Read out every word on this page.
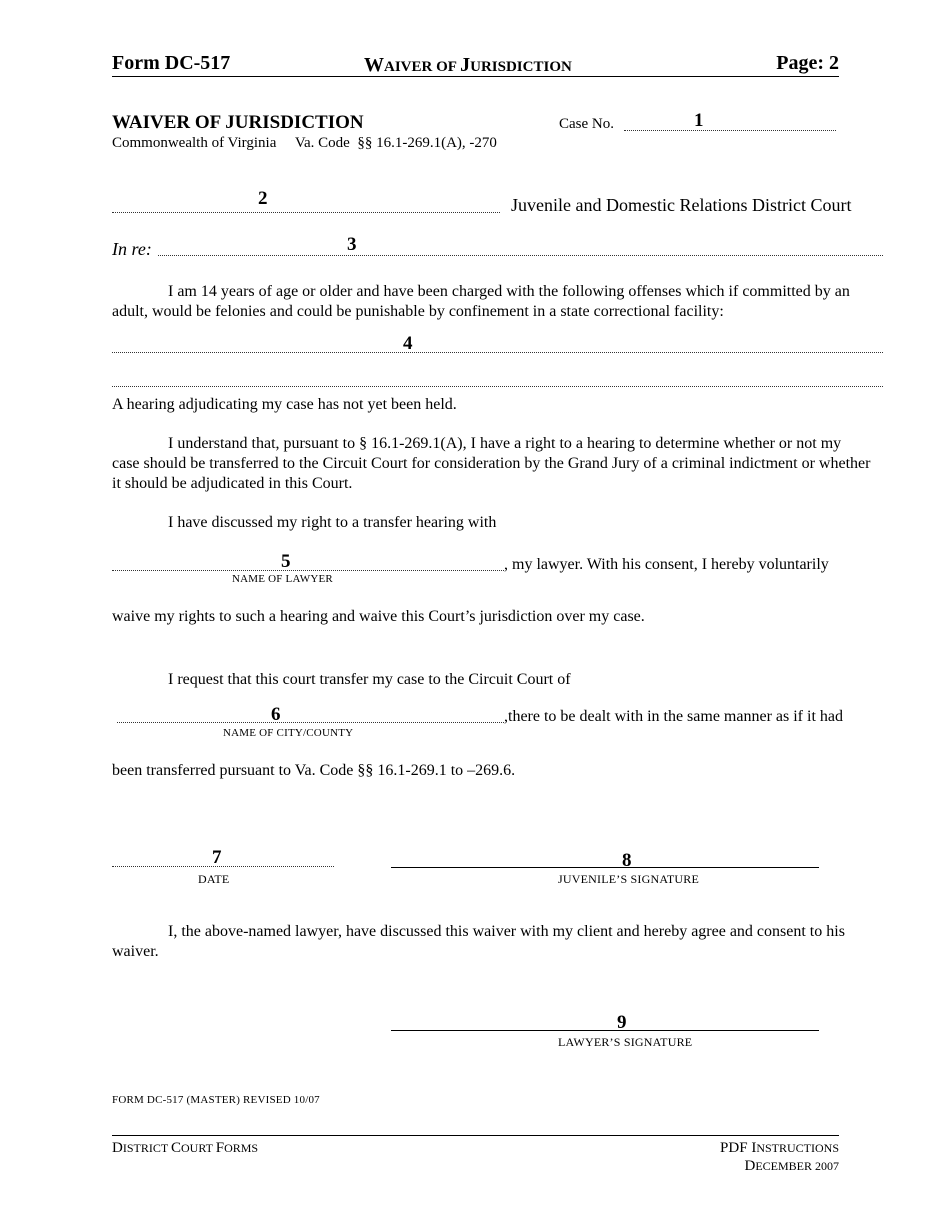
Form DC-517	WAIVER OF JURISDICTION	Page: 2
WAIVER OF JURISDICTION
Commonwealth of Virginia     Va. Code  §§ 16.1-269.1(A), -270
Case No.	1
2	Juvenile and Domestic Relations District Court
In re:	3
I am 14 years of age or older and have been charged with the following offenses which if committed by an adult, would be felonies and could be punishable by confinement in a state correctional facility:
4
A hearing adjudicating my case has not yet been held.
I understand that, pursuant to § 16.1-269.1(A), I have a right to a hearing to determine whether or not my case should be transferred to the Circuit Court for consideration by the Grand Jury of a criminal indictment or whether it should be adjudicated in this Court.
I have discussed my right to a transfer hearing with
5	, my lawyer. With his consent, I hereby voluntarily
NAME OF LAWYER
waive my rights to such a hearing and waive this Court’s jurisdiction over my case.
I request that this court transfer my case to the Circuit Court of
6	,there to be dealt with in the same manner as if it had
NAME OF CITY/COUNTY
been transferred pursuant to Va. Code §§ 16.1-269.1 to –269.6.
7
DATE
8
JUVENILE’S SIGNATURE
I, the above-named lawyer, have discussed this waiver with my client and hereby agree and consent to his waiver.
9
LAWYER’S SIGNATURE
FORM DC-517 (MASTER) REVISED 10/07
DISTRICT COURT FORMS	PDF INSTRUCTIONS
DECEMBER 2007
